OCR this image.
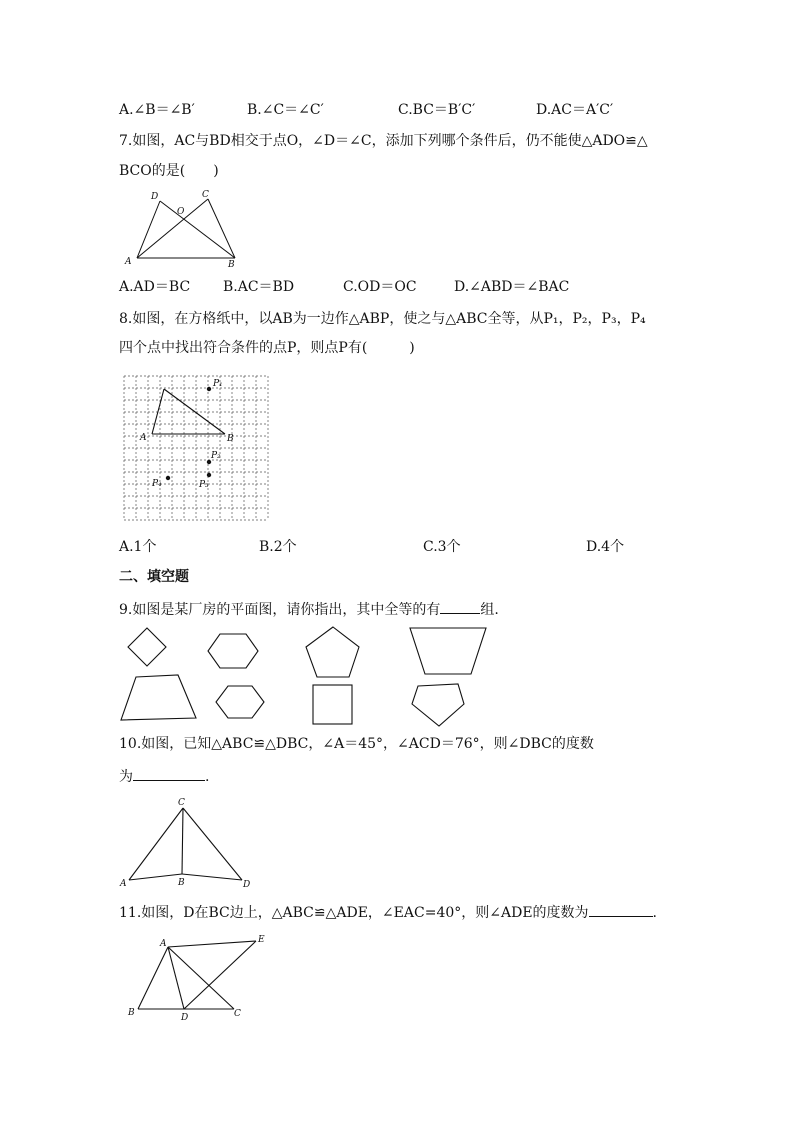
A.∠B＝∠B′	B.∠C＝∠C′	C.BC＝B′C′	D.AC＝A′C′
7.如图，AC与BD相交于点O，∠D＝∠C，添加下列哪个条件后，仍不能使△ADO≌△
BCO的是(　　)
D	C
O
A	B
A.AD＝BC B.AC＝BD	C.OD＝OC	D.∠ABD＝∠BAC
8.如图，在方格纸中，以AB为一边作△ABP，使之与△ABC全等，从P₁，P₂，P₃，P₄
四个点中找出符合条件的点P，则点P有(　　　)
P₁
A	B
P₂
P₄	P₃
A.1个	B.2个	C.3个	D.4个
二、填空题
9.如图是某厂房的平面图，请你指出，其中全等的有	组.
10.如图，已知△ABC≌△DBC，∠A＝45°，∠ACD＝76°，则∠DBC的度数
为	.
C
A	B	D
11.如图，D在BC边上，△ABC≌△ADE，∠EAC=40°，则∠ADE的度数为	.
A	E
B	D	C
